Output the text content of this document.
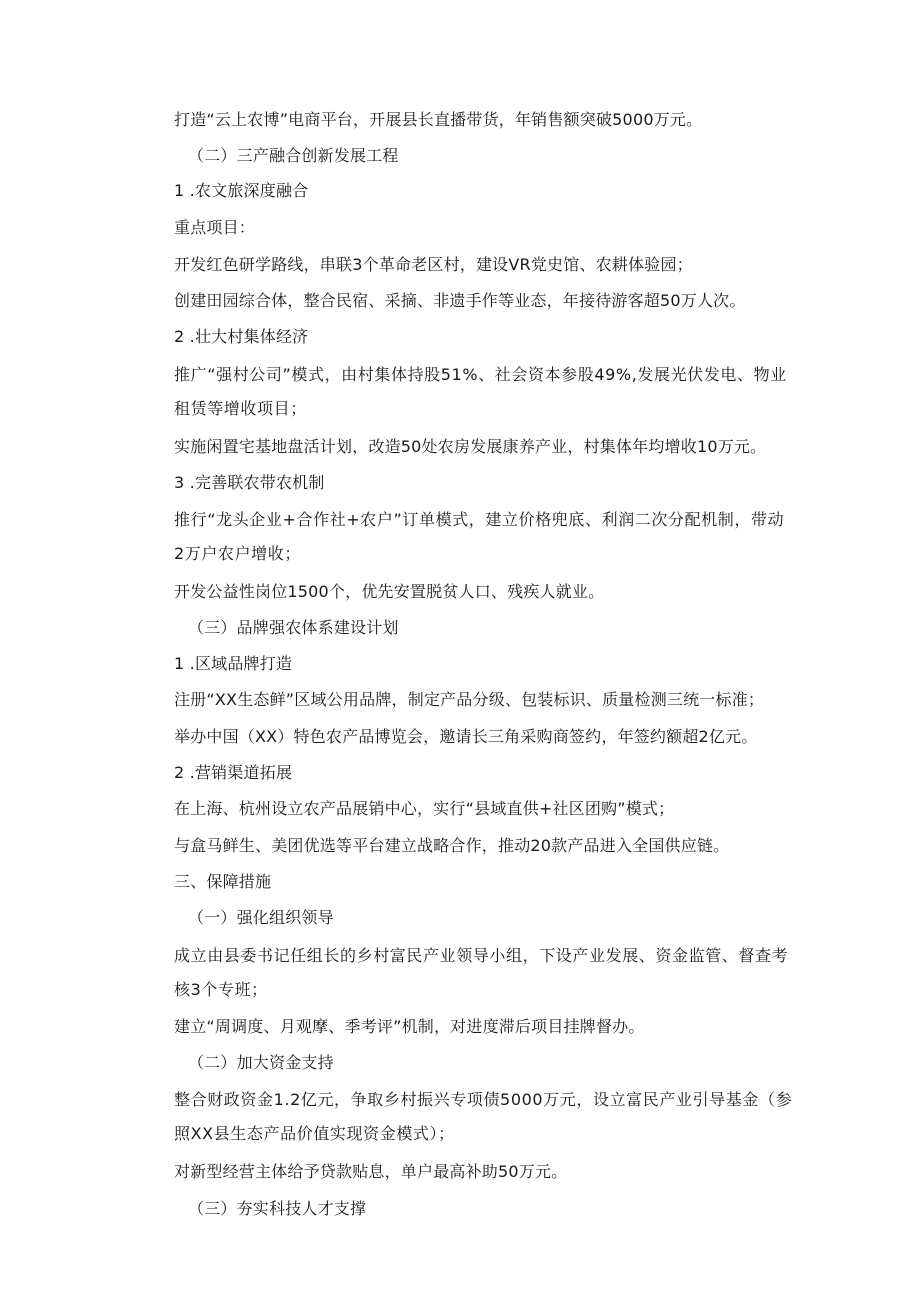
打造“云上农博”电商平台，开展县长直播带货，年销售额突破5000万元。
（二）三产融合创新发展工程
1 .农文旅深度融合
重点项目：
开发红色研学路线，串联3个革命老区村，建设VR党史馆、农耕体验园；
创建田园综合体，整合民宿、采摘、非遗手作等业态，年接待游客超50万人次。
2 .壮大村集体经济
推广“强村公司”模式，由村集体持股51%、社会资本参股49%,发展光伏发电、物业租赁等增收项目；
实施闲置宅基地盘活计划，改造50处农房发展康养产业，村集体年均增收10万元。
3 .完善联农带农机制
推行“龙头企业+合作社+农户”订单模式，建立价格兜底、利润二次分配机制，带动2万户农户增收；
开发公益性岗位1500个，优先安置脱贫人口、残疾人就业。
（三）品牌强农体系建设计划
1 .区域品牌打造
注册“XX生态鲜”区域公用品牌，制定产品分级、包装标识、质量检测三统一标准；
举办中国（XX）特色农产品博览会，邀请长三角采购商签约，年签约额超2亿元。
2 .营销渠道拓展
在上海、杭州设立农产品展销中心，实行“县域直供+社区团购”模式；
与盒马鲜生、美团优选等平台建立战略合作，推动20款产品进入全国供应链。
三、保障措施
（一）强化组织领导
成立由县委书记任组长的乡村富民产业领导小组，下设产业发展、资金监管、督查考核3个专班；
建立“周调度、月观摩、季考评”机制，对进度滞后项目挂牌督办。
（二）加大资金支持
整合财政资金1.2亿元，争取乡村振兴专项债5000万元，设立富民产业引导基金（参照XX县生态产品价值实现资金模式）；
对新型经营主体给予贷款贴息，单户最高补助50万元。
（三）夯实科技人才支撑
